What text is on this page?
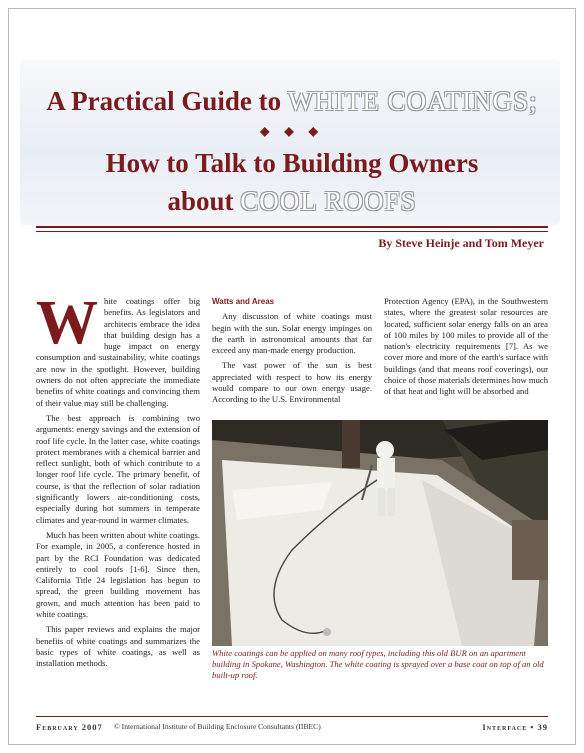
A Practical Guide to WHITE COATINGS;
◆ ◆ ◆
How to Talk to Building Owners
about COOL ROOFS
By Steve Heinje and Tom Meyer

White coatings offer big benefits. As legislators and architects embrace the idea that building design has a huge impact on energy consumption and sustainability, white coatings are now in the spotlight. However, building owners do not often appreciate the immediate benefits of white coatings and convincing them of their value may still be challenging.

The best approach is combining two arguments: energy savings and the extension of roof life cycle. In the latter case, white coatings protect membranes with a chemical barrier and reflect sunlight, both of which contribute to a longer roof life cycle. The primary benefit, of course, is that the reflection of solar radiation significantly lowers air-conditioning costs, especially during hot summers in temperate climates and year-round in warmer climates.

Much has been written about white coatings. For example, in 2005, a conference hosted in part by the RCI Foundation was dedicated entirely to cool roofs [1-6]. Since then, California Title 24 legislation has begun to spread, the green building movement has grown, and much attention has been paid to white coatings.

This paper reviews and explains the major benefits of white coatings and summarizes the basic types of white coatings, as well as installation methods.

Watts and Areas

Any discussion of white coatings must begin with the sun. Solar energy impinges on the earth in astronomical amounts that far exceed any man-made energy production.

The vast power of the sun is best appreciated with respect to how its energy would compare to our own energy usage. According to the U.S. Environmental

Protection Agency (EPA), in the Southwestern states, where the greatest solar resources are located, sufficient solar energy falls on an area of 100 miles by 100 miles to provide all of the nation's electricity requirements [7]. As we cover more and more of the earth's surface with buildings (and that means roof coverings), our choice of those materials determines how much of that heat and light will be absorbed and

White coatings can be applied on many roof types, including this old BUR on an apartment building in Spokane, Washington. The white coating is sprayed over a base coat on top of an old built-up roof.
February 2007 © International Institute of Building Enclosure Consultants (IIBEC)	Interface • 39
